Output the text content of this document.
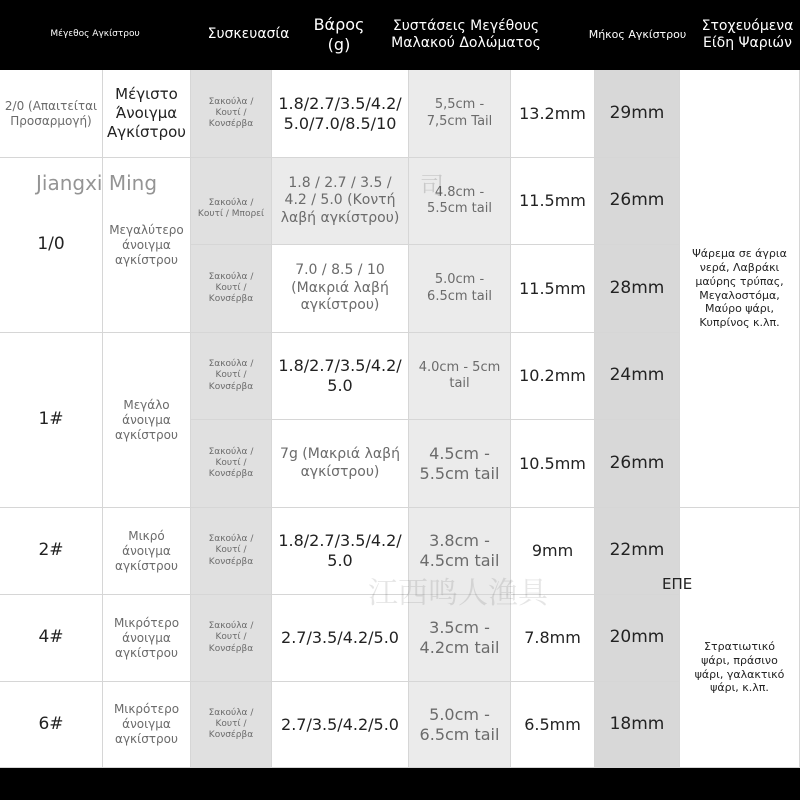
Μέγεθος Αγκίστρου	Συσκευασία
Βάρος (g)
Συστάσεις Μεγέθους Μαλακού Δολώματος
Μήκος Αγκίστρου
Στοχευόμενα Είδη Ψαριών
2/0 (Απαιτείται Προσαρμογή)
1/0
1#
2#
4#
6#
Μέγιστο Άνοιγμα Αγκίστρου
Μεγαλύτερο άνοιγμα αγκίστρου
Μεγάλο άνοιγμα αγκίστρου
Μικρό άνοιγμα αγκίστρου
Μικρότερο άνοιγμα αγκίστρου
Μικρότερο άνοιγμα αγκίστρου
Σακούλα / Κουτί / Κονσέρβα
Σακούλα / Κουτί / Μπορεί
Σακούλα / Κουτί / Κονσέρβα
Σακούλα / Κουτί / Κονσέρβα
Σακούλα / Κουτί / Κονσέρβα
Σακούλα / Κουτί / Κονσέρβα
Σακούλα / Κουτί / Κονσέρβα
Σακούλα / Κουτί / Κονσέρβα
1.8/2.7/3.5/4.2/ 5.0/7.0/8.5/10
1.8 / 2.7 / 3.5 / 4.2 / 5.0 (Κοντή λαβή αγκίστρου)
7.0 / 8.5 / 10 (Μακριά λαβή αγκίστρου)
1.8/2.7/3.5/4.2/ 5.0
7g (Μακριά λαβή αγκίστρου)
1.8/2.7/3.5/4.2/ 5.0
2.7/3.5/4.2/5.0
2.7/3.5/4.2/5.0
5,5cm - 7,5cm Tail
4.8cm - 5.5cm tail
5.0cm - 6.5cm tail
4.0cm - 5cm tail
4.5cm - 5.5cm tail
3.8cm - 4.5cm tail
3.5cm - 4.2cm tail
5.0cm - 6.5cm tail
13.2mm
11.5mm
11.5mm
10.2mm
10.5mm
9mm
7.8mm
6.5mm
29mm
26mm
28mm
24mm
26mm
22mm
20mm
18mm
Ψάρεμα σε άγρια νερά, Λαβράκι μαύρης τρύπας, Μεγαλοστόμα, Μαύρο ψάρι, Κυπρίνος κ.λπ.
Στρατιωτικό ψάρι, πράσινο ψάρι, γαλακτικό ψάρι, κ.λπ.
Jiangxi Ming
ΕΠΕ
